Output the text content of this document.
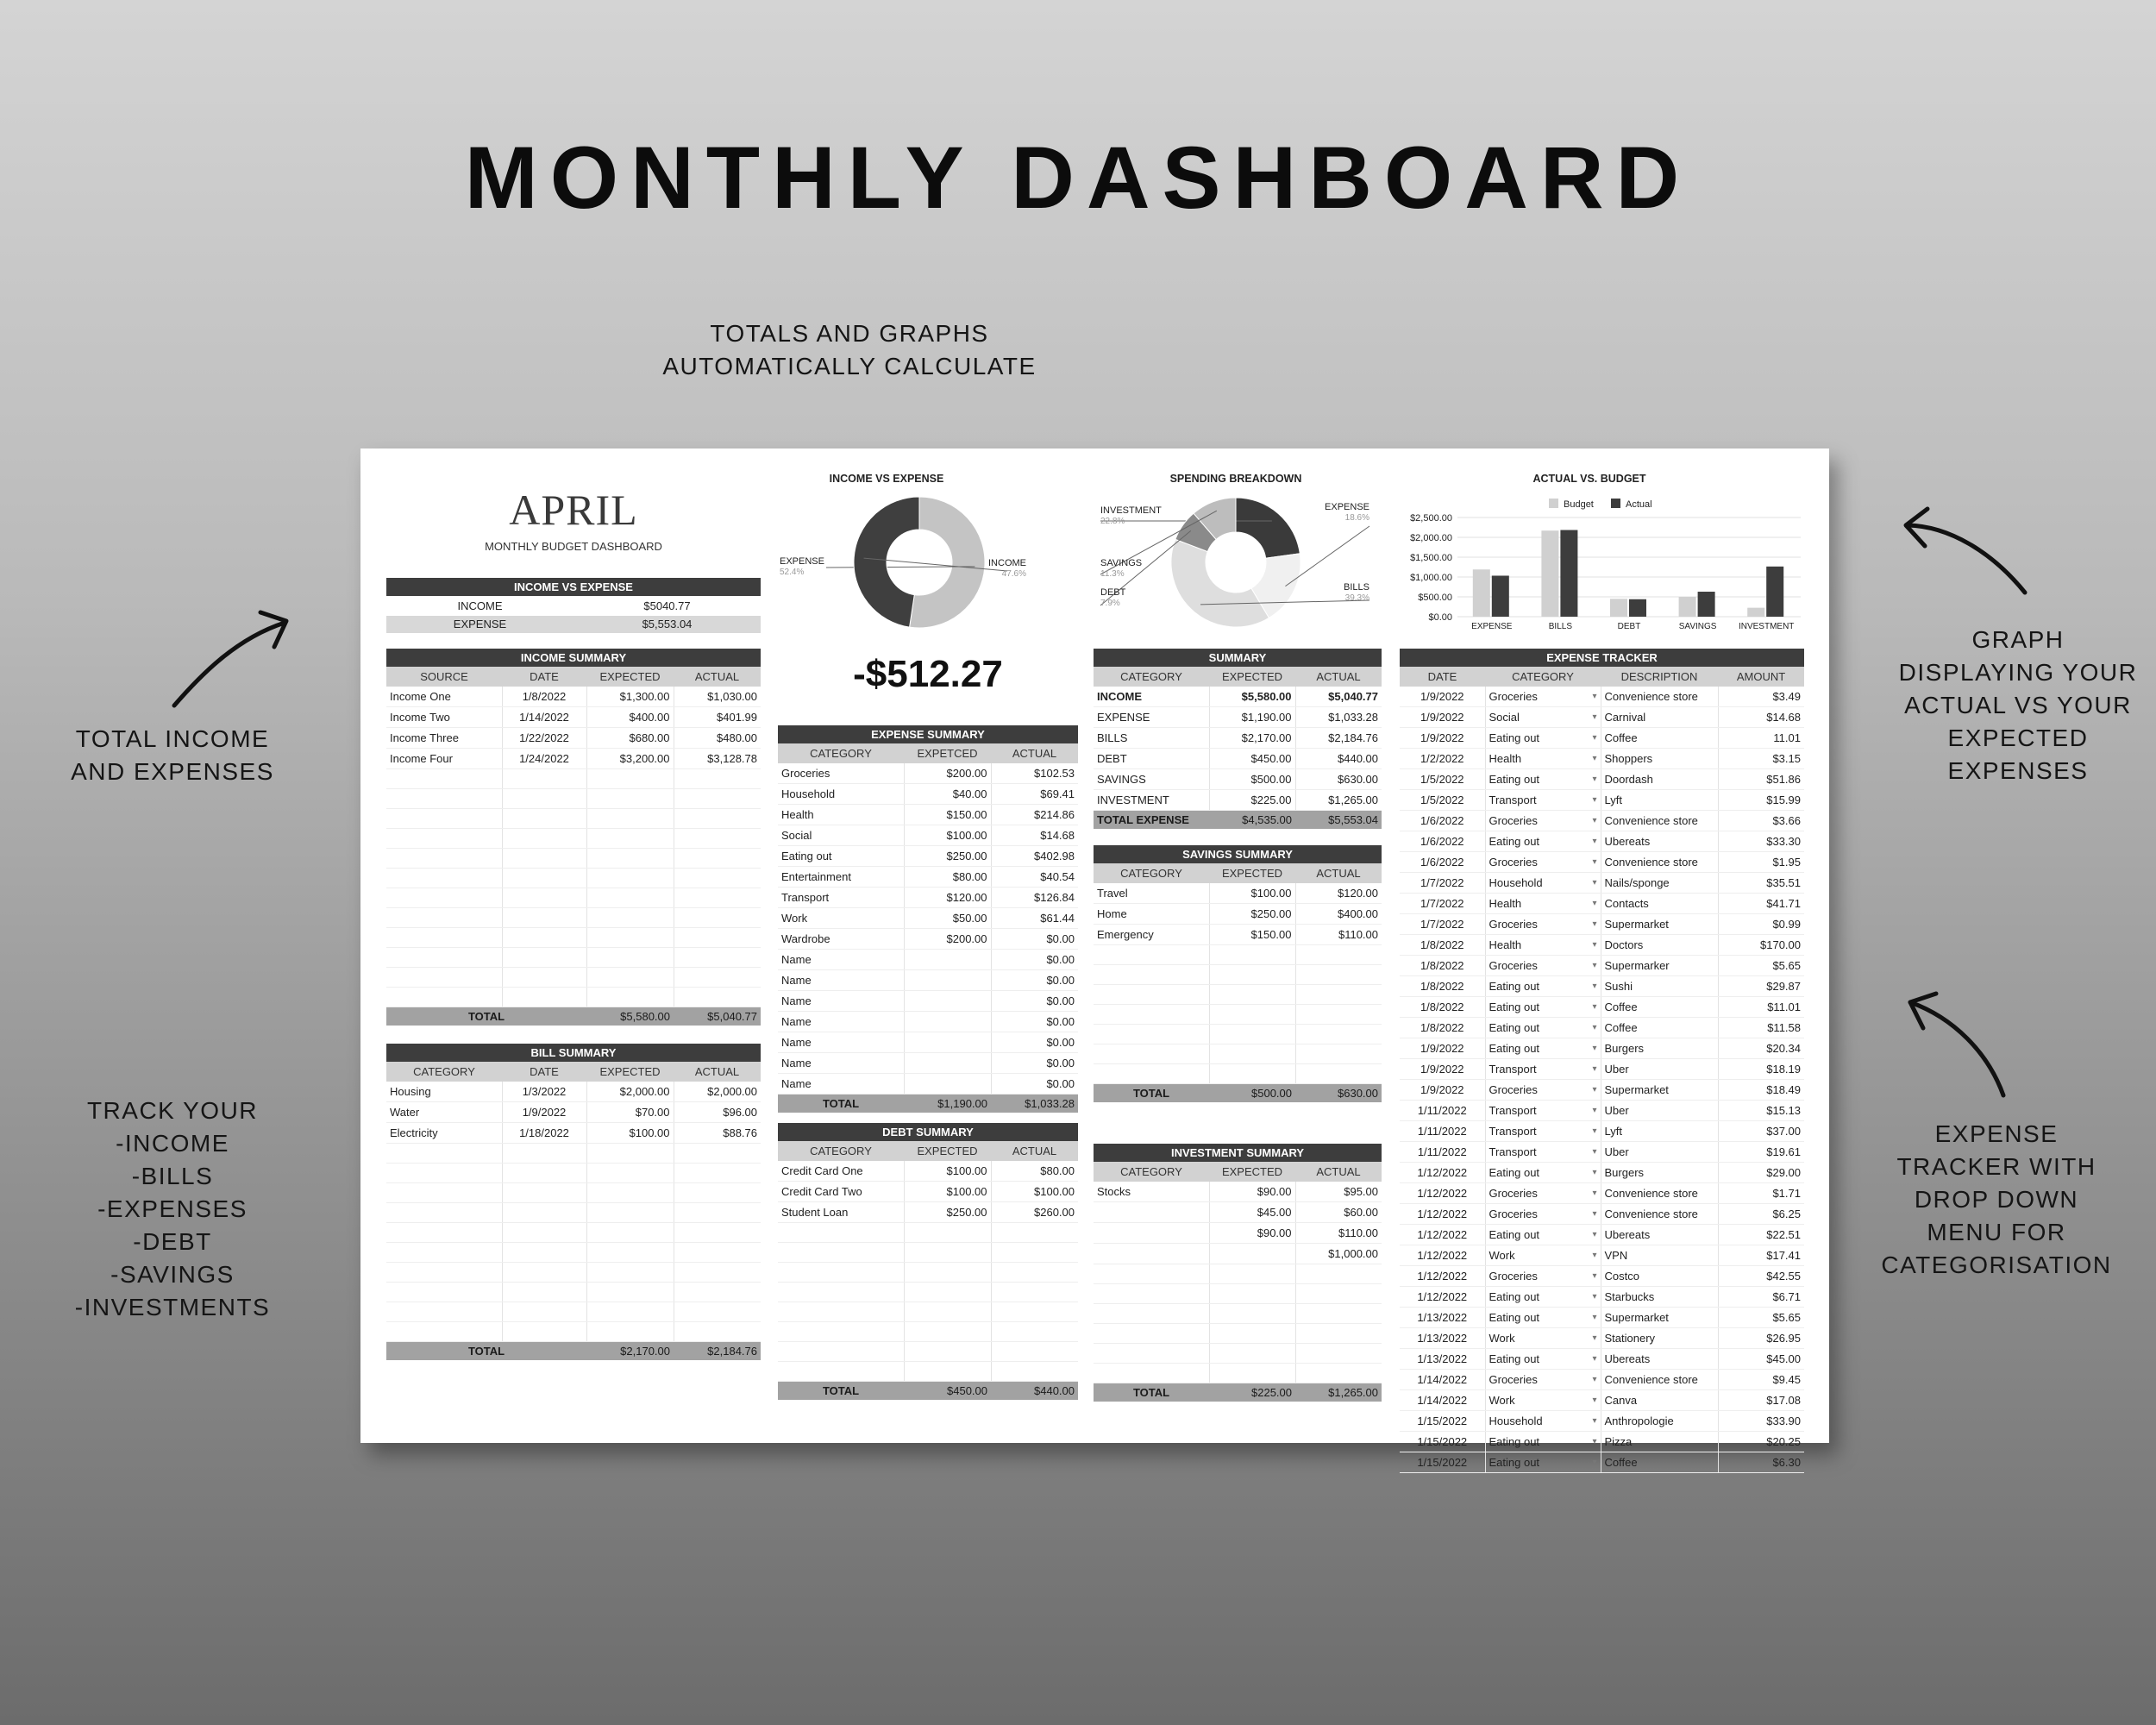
MONTHLY DASHBOARD
TOTALS AND GRAPHS
AUTOMATICALLY CALCULATE
TOTAL INCOME
AND EXPENSES
TRACK YOUR
-INCOME
-BILLS
-EXPENSES
-DEBT
-SAVINGS
-INVESTMENTS
GRAPH
DISPLAYING YOUR
ACTUAL VS YOUR
EXPECTED
EXPENSES
EXPENSE
TRACKER WITH
DROP DOWN
MENU FOR
CATEGORISATION
APRIL
MONTHLY BUDGET DASHBOARD
INCOME VS EXPENSE
INCOME	$5040.77
EXPENSE	$5,553.04
INCOME SUMMARY
SOURCE	DATE	EXPECTED	ACTUAL
Income One	1/8/2022	$1,300.00	$1,030.00
Income Two	1/14/2022	$400.00	$401.99
Income Three	1/22/2022	$680.00	$480.00
Income Four	1/24/2022	$3,200.00	$3,128.78

TOTAL		$5,580.00	$5,040.77
BILL SUMMARY
CATEGORY	DATE	EXPECTED	ACTUAL
Housing	1/3/2022	$2,000.00	$2,000.00
Water	1/9/2022	$70.00	$96.00
Electricity	1/18/2022	$100.00	$88.76

TOTAL		$2,170.00	$2,184.76
INCOME VS EXPENSE
EXPENSE
52.4%
INCOME
47.6%
-$512.27
EXPENSE SUMMARY
CATEGORY	EXPETCED	ACTUAL
Groceries	$200.00	$102.53
Household	$40.00	$69.41
Health	$150.00	$214.86
Social	$100.00	$14.68
Eating out	$250.00	$402.98
Entertainment	$80.00	$40.54
Transport	$120.00	$126.84
Work	$50.00	$61.44
Wardrobe	$200.00	$0.00
Name		$0.00
Name		$0.00
Name		$0.00
Name		$0.00
Name		$0.00
Name		$0.00
Name		$0.00
TOTAL	$1,190.00	$1,033.28
DEBT SUMMARY
CATEGORY	EXPECTED	ACTUAL
Credit Card One	$100.00	$80.00
Credit Card Two	$100.00	$100.00
Student Loan	$250.00	$260.00

TOTAL	$450.00	$440.00
SPENDING BREAKDOWN
INVESTMENT
22.8%
EXPENSE
18.6%
BILLS
39.3%
DEBT
7.9%
SAVINGS
11.3%
SUMMARY
CATEGORY	EXPECTED	ACTUAL
INCOME	$5,580.00	$5,040.77
EXPENSE	$1,190.00	$1,033.28
BILLS	$2,170.00	$2,184.76
DEBT	$450.00	$440.00
SAVINGS	$500.00	$630.00
INVESTMENT	$225.00	$1,265.00
TOTAL EXPENSE	$4,535.00	$5,553.04
SAVINGS SUMMARY
CATEGORY	EXPECTED	ACTUAL
Travel	$100.00	$120.00
Home	$250.00	$400.00
Emergency	$150.00	$110.00

TOTAL	$500.00	$630.00
INVESTMENT SUMMARY
CATEGORY	EXPECTED	ACTUAL
Stocks	$90.00	$95.00
	$45.00	$60.00
	$90.00	$110.00
		$1,000.00

TOTAL	$225.00	$1,265.00
ACTUAL VS. BUDGET
$0.00
$500.00
$1,000.00
$1,500.00
$2,000.00
$2,500.00
EXPENSE	BILLS	DEBT	SAVINGS	INVESTMENT
Budget	Actual
EXPENSE TRACKER
DATE	CATEGORY	DESCRIPTION	AMOUNT
1/9/2022	Groceries ▾	Convenience store	$3.49
1/9/2022	Social ▾	Carnival	$14.68
1/9/2022	Eating out ▾	Coffee	11.01
1/2/2022	Health ▾	Shoppers	$3.15
1/5/2022	Eating out ▾	Doordash	$51.86
1/5/2022	Transport ▾	Lyft	$15.99
1/6/2022	Groceries ▾	Convenience store	$3.66
1/6/2022	Eating out ▾	Ubereats	$33.30
1/6/2022	Groceries ▾	Convenience store	$1.95
1/7/2022	Household ▾	Nails/sponge	$35.51
1/7/2022	Health ▾	Contacts	$41.71
1/7/2022	Groceries ▾	Supermarket	$0.99
1/8/2022	Health ▾	Doctors	$170.00
1/8/2022	Groceries ▾	Supermarker	$5.65
1/8/2022	Eating out ▾	Sushi	$29.87
1/8/2022	Eating out ▾	Coffee	$11.01
1/8/2022	Eating out ▾	Coffee	$11.58
1/9/2022	Eating out ▾	Burgers	$20.34
1/9/2022	Transport ▾	Uber	$18.19
1/9/2022	Groceries ▾	Supermarket	$18.49
1/11/2022	Transport ▾	Uber	$15.13
1/11/2022	Transport ▾	Lyft	$37.00
1/11/2022	Transport ▾	Uber	$19.61
1/12/2022	Eating out ▾	Burgers	$29.00
1/12/2022	Groceries ▾	Convenience store	$1.71
1/12/2022	Groceries ▾	Convenience store	$6.25
1/12/2022	Eating out ▾	Ubereats	$22.51
1/12/2022	Work ▾	VPN	$17.41
1/12/2022	Groceries ▾	Costco	$42.55
1/12/2022	Eating out ▾	Starbucks	$6.71
1/13/2022	Eating out ▾	Supermarket	$5.65
1/13/2022	Work ▾	Stationery	$26.95
1/13/2022	Eating out ▾	Ubereats	$45.00
1/14/2022	Groceries ▾	Convenience store	$9.45
1/14/2022	Work ▾	Canva	$17.08
1/15/2022	Household ▾	Anthropologie	$33.90
1/15/2022	Eating out ▾	Pizza	$20.25
1/15/2022	Eating out ▾	Coffee	$6.30
